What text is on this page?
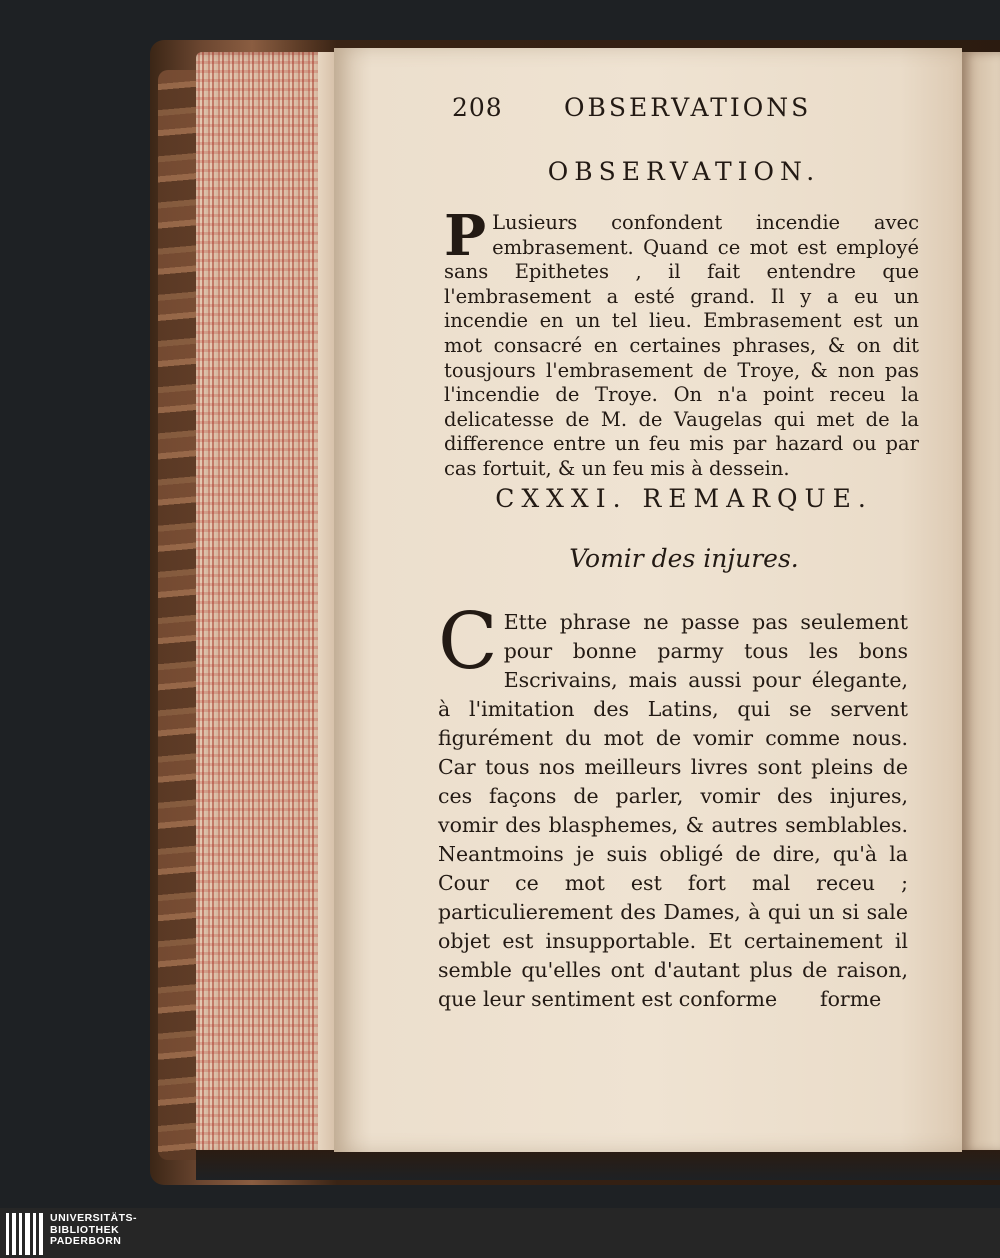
208 OBSERVATIONS
OBSERVATION.

P Lusieurs confondent incendie avec embrasement. Quand ce mot est employé sans Epithetes , il fait entendre que l'embrasement a esté grand. Il y a eu un incendie en un tel lieu. Embrasement est un mot consacré en certaines phrases, & on dit tousjours l'embrasement de Troye, & non pas l'incendie de Troye. On n'a point receu la delicatesse de M. de Vaugelas qui met de la difference entre un feu mis par hazard ou par cas fortuit, & un feu mis à dessein.

CXXXI. REMARQUE.
Vomir des injures.

C Ette phrase ne passe pas seulement pour bonne parmy tous les bons Escrivains, mais aussi pour élegante, à l'imitation des Latins, qui se servent figurément du mot de vomir comme nous. Car tous nos meilleurs livres sont pleins de ces façons de parler, vomir des injures, vomir des blasphemes, & autres semblables. Neantmoins je suis obligé de dire, qu'à la Cour ce mot est fort mal receu ; particulierement des Dames, à qui un si sale objet est insupportable. Et certainement il semble qu'elles ont d'autant plus de raison, que leur sentiment est conforme	forme
UNIVERSITÄTS-
BIBLIOTHEK
PADERBORN
